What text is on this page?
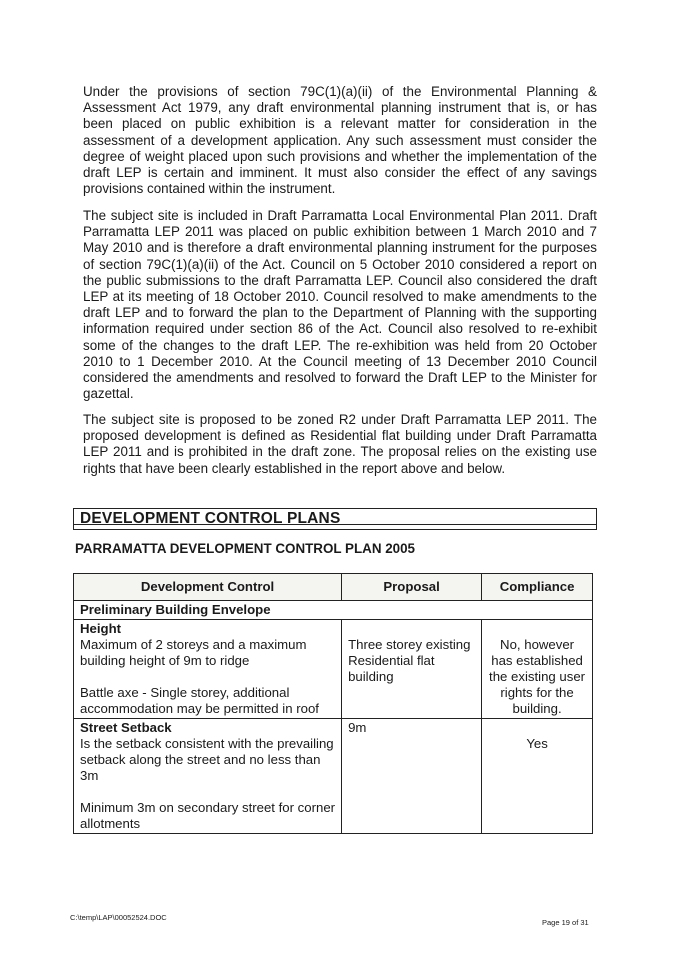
Under the provisions of section 79C(1)(a)(ii) of the Environmental Planning & Assessment Act 1979, any draft environmental planning instrument that is, or has been placed on public exhibition is a relevant matter for consideration in the assessment of a development application. Any such assessment must consider the degree of weight placed upon such provisions and whether the implementation of the draft LEP is certain and imminent. It must also consider the effect of any savings provisions contained within the instrument.

The subject site is included in Draft Parramatta Local Environmental Plan 2011. Draft Parramatta LEP 2011 was placed on public exhibition between 1 March 2010 and 7 May 2010 and is therefore a draft environmental planning instrument for the purposes of section 79C(1)(a)(ii) of the Act. Council on 5 October 2010 considered a report on the public submissions to the draft Parramatta LEP. Council also considered the draft LEP at its meeting of 18 October 2010. Council resolved to make amendments to the draft LEP and to forward the plan to the Department of Planning with the supporting information required under section 86 of the Act. Council also resolved to re-exhibit some of the changes to the draft LEP. The re-exhibition was held from 20 October 2010 to 1 December 2010. At the Council meeting of 13 December 2010 Council considered the amendments and resolved to forward the Draft LEP to the Minister for gazettal.

The subject site is proposed to be zoned R2 under Draft Parramatta LEP 2011. The proposed development is defined as Residential flat building under Draft Parramatta LEP 2011 and is prohibited in the draft zone. The proposal relies on the existing use rights that have been clearly established in the report above and below.

DEVELOPMENT CONTROL PLANS
PARRAMATTA DEVELOPMENT CONTROL PLAN 2005
Development Control	Proposal	Compliance
Preliminary Building Envelope		

Height
Maximum of 2 storeys and a maximum building height of 9m to ridge
Battle axe - Single storey, additional accommodation may be permitted in roof	Three storey existing Residential flat building	No, however has established the existing user rights for the building.

Street Setback
Is the setback consistent with the prevailing setback along the street and no less than 3m
Minimum 3m on secondary street for corner allotments	9m	Yes
C:\temp\LAP\00052524.DOC
Page 19 of 31
